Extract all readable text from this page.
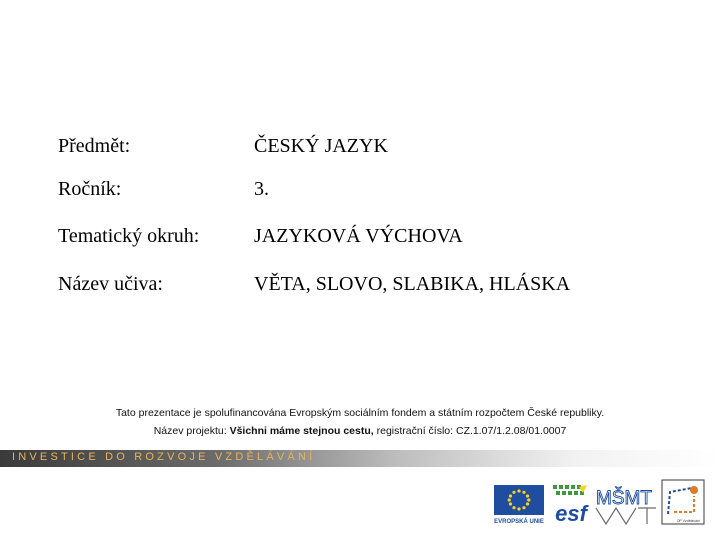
Předmět:	ČESKÝ JAZYK
Ročník:	3.
Tematický okruh:	JAZYKOVÁ VÝCHOVA
Název učiva:	VĚTA, SLOVO, SLABIKA, HLÁSKA
Tato prezentace je spolufinancována Evropským sociálním fondem a státním rozpočtem České republiky.
Název projektu: Všichni máme stejnou cestu, registrační číslo: CZ.1.07/1.2.08/01.0007
INVESTICE DO ROZVOJE VZDĚLÁVÁNÍ
EVROPSKÁ UNIE esf
MŠMT
OP Vzdělávání
